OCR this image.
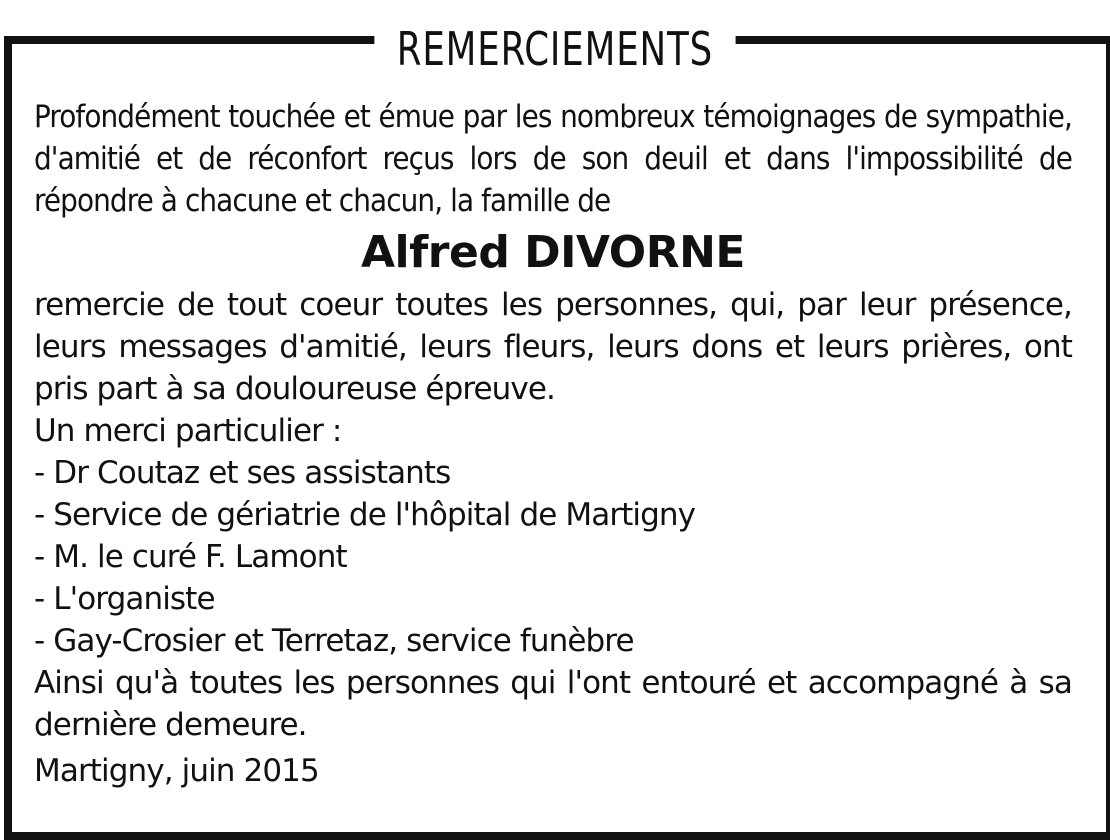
REMERCIEMENTS

Profondément touchée et émue par les nombreux témoignages de sympathie, d'amitié et de réconfort reçus lors de son deuil et dans l'impossibilité de répondre à chacune et chacun, la famille de

Alfred DIVORNE

remercie de tout coeur toutes les personnes, qui, par leur présence, leurs messages d'amitié, leurs fleurs, leurs dons et leurs prières, ont pris part à sa douloureuse épreuve.

Un merci particulier :

- Dr Coutaz et ses assistants

- Service de gériatrie de l'hôpital de Martigny

- M. le curé F. Lamont

- L'organiste

- Gay-Crosier et Terretaz, service funèbre

Ainsi qu'à toutes les personnes qui l'ont entouré et accompagné à sa dernière demeure.

Martigny, juin 2015
